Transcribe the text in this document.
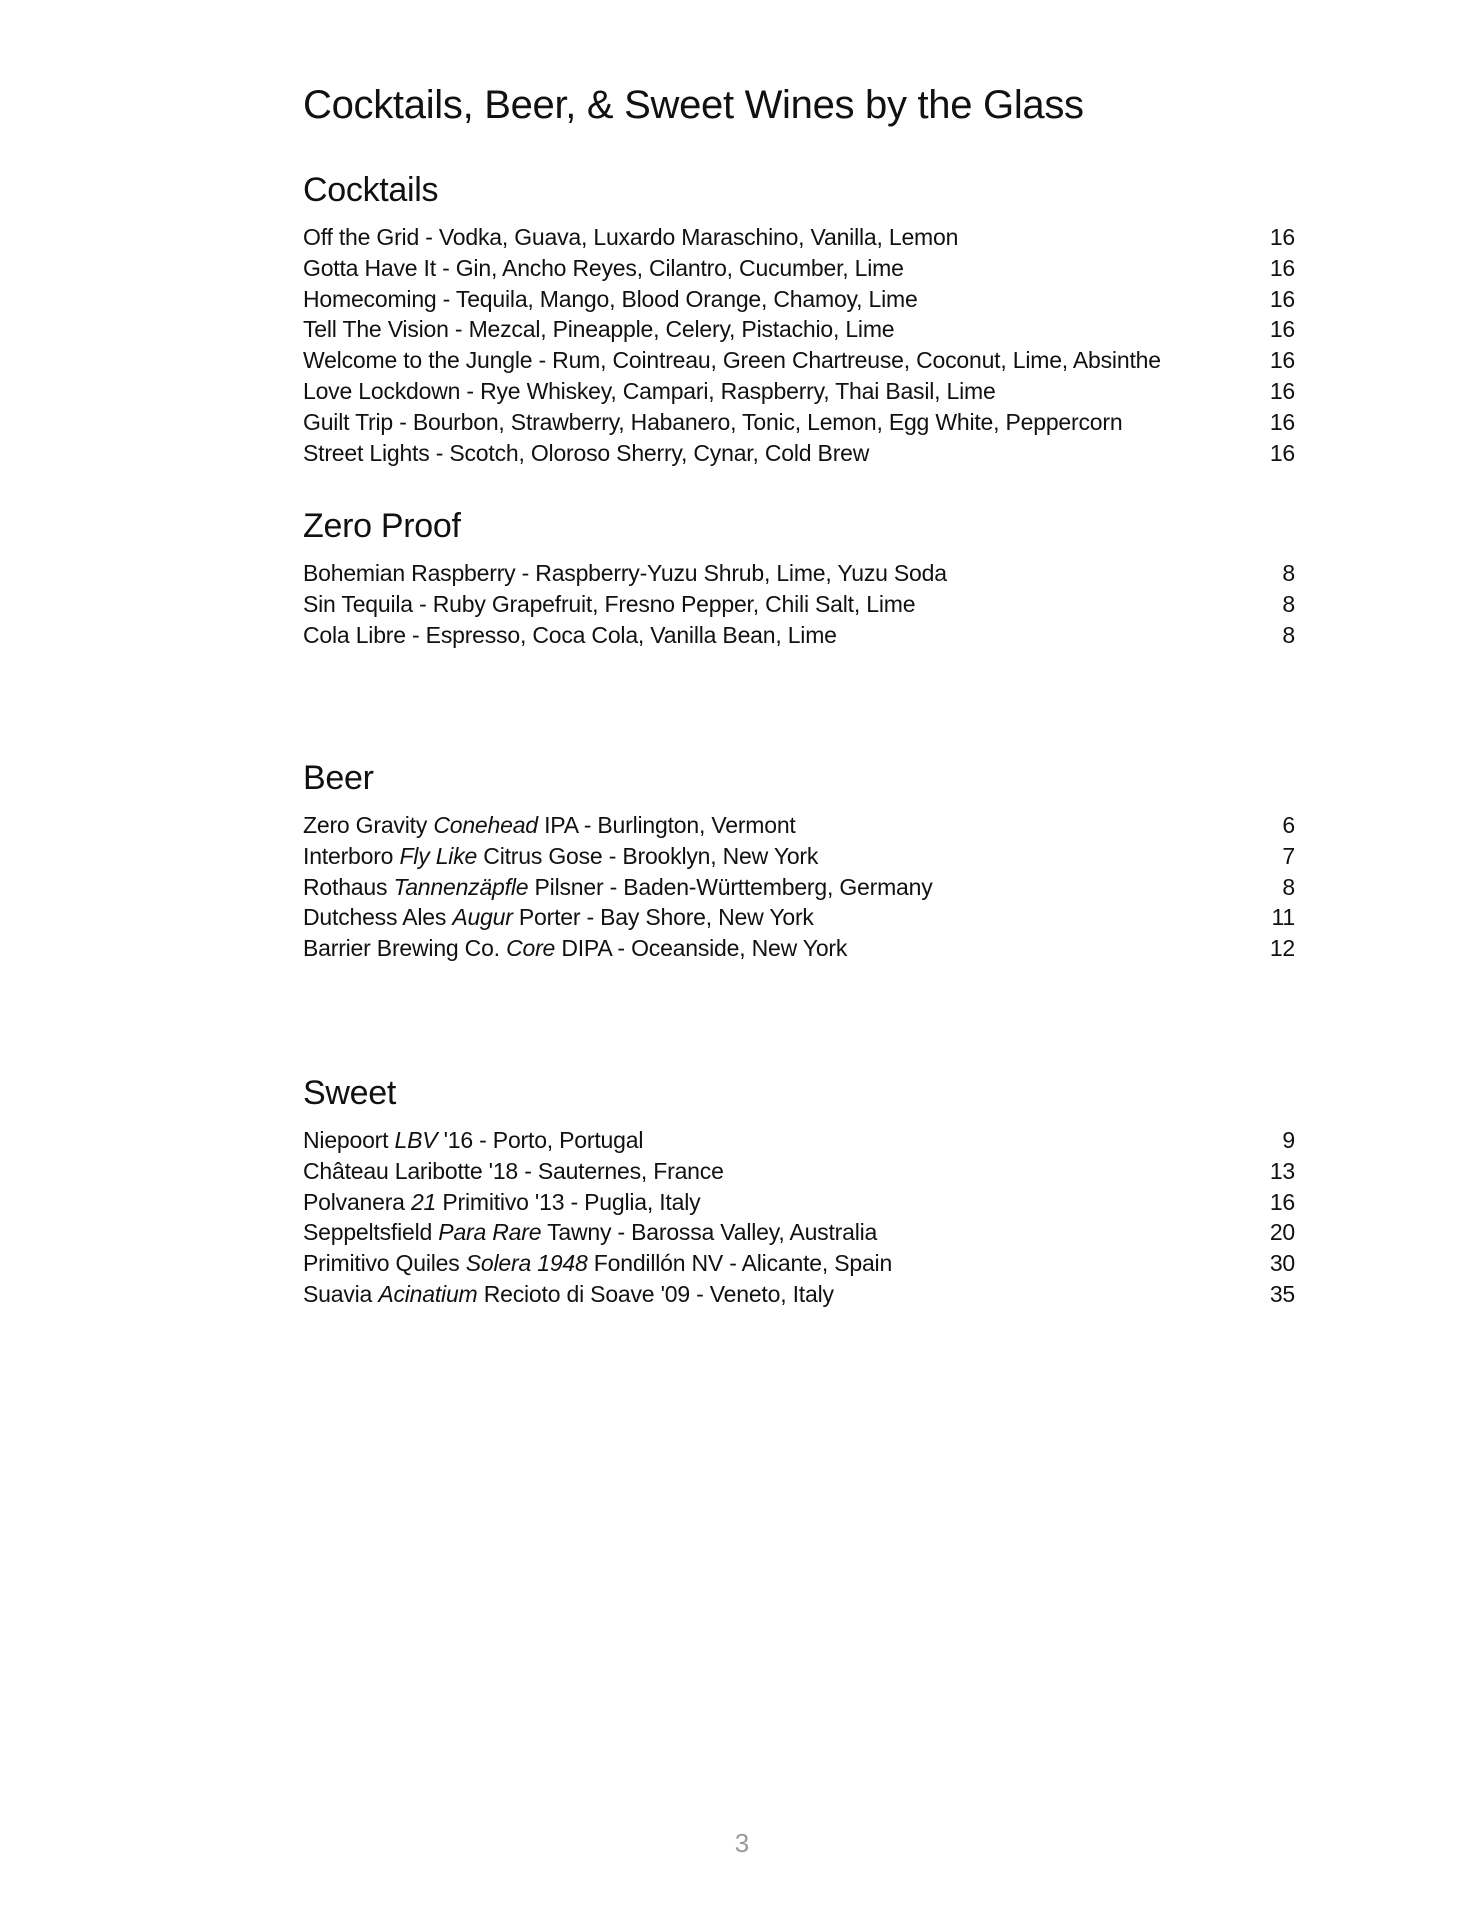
Cocktails, Beer, & Sweet Wines by the Glass
Cocktails
Off the Grid - Vodka, Guava, Luxardo Maraschino, Vanilla, Lemon	16
Gotta Have It - Gin, Ancho Reyes, Cilantro, Cucumber, Lime	16
Homecoming - Tequila, Mango, Blood Orange, Chamoy, Lime	16
Tell The Vision - Mezcal, Pineapple, Celery, Pistachio, Lime	16
Welcome to the Jungle - Rum, Cointreau, Green Chartreuse, Coconut, Lime, Absinthe	16
Love Lockdown - Rye Whiskey, Campari, Raspberry, Thai Basil, Lime	16
Guilt Trip - Bourbon, Strawberry, Habanero, Tonic, Lemon, Egg White, Peppercorn	16
Street Lights - Scotch, Oloroso Sherry, Cynar, Cold Brew	16
Zero Proof
Bohemian Raspberry - Raspberry-Yuzu Shrub, Lime, Yuzu Soda	8
Sin Tequila - Ruby Grapefruit, Fresno Pepper, Chili Salt, Lime	8
Cola Libre - Espresso, Coca Cola, Vanilla Bean, Lime	8
Beer
Zero Gravity Conehead IPA - Burlington, Vermont	6
Interboro Fly Like Citrus Gose - Brooklyn, New York	7
Rothaus Tannenzäpfle Pilsner - Baden-Württemberg, Germany	8
Dutchess Ales Augur Porter - Bay Shore, New York	11
Barrier Brewing Co. Core DIPA - Oceanside, New York	12
Sweet
Niepoort LBV '16 - Porto, Portugal	9
Château Laribotte '18 - Sauternes, France	13
Polvanera 21 Primitivo '13 - Puglia, Italy	16
Seppeltsfield Para Rare Tawny - Barossa Valley, Australia	20
Primitivo Quiles Solera 1948 Fondillón NV - Alicante, Spain	30
Suavia Acinatium Recioto di Soave '09 - Veneto, Italy	35
3
